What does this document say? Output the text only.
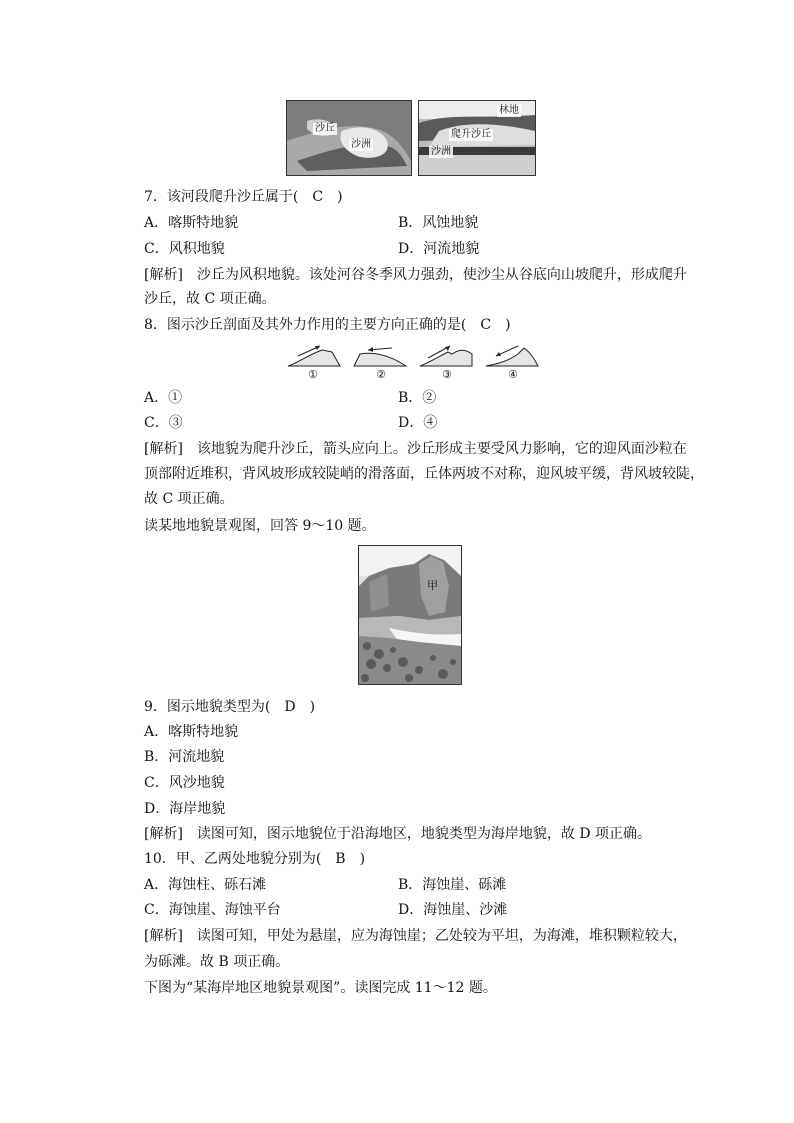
沙丘
沙洲
林地
爬升沙丘
沙洲
7．该河段爬升沙丘属于(　C　)
A．喀斯特地貌	B．风蚀地貌
C．风积地貌	D．河流地貌
[解析]　沙丘为风积地貌。该处河谷冬季风力强劲，使沙尘从谷底向山坡爬升，形成爬升
沙丘，故 C 项正确。
8．图示沙丘剖面及其外力作用的主要方向正确的是(　C　)
①	②	③	④
A．①	B．②
C．③	D．④
[解析]　该地貌为爬升沙丘，箭头应向上。沙丘形成主要受风力影响，它的迎风面沙粒在
顶部附近堆积，背风坡形成较陡峭的滑落面，丘体两坡不对称，迎风坡平缓，背风坡较陡，
故 C 项正确。
读某地地貌景观图，回答 9～10 题。
甲
9．图示地貌类型为(　D　)
A．喀斯特地貌
B．河流地貌
C．风沙地貌
D．海岸地貌
[解析]　读图可知，图示地貌位于沿海地区，地貌类型为海岸地貌，故 D 项正确。
10．甲、乙两处地貌分别为(　B　)
A．海蚀柱、砾石滩	B．海蚀崖、砾滩
C．海蚀崖、海蚀平台	D．海蚀崖、沙滩
[解析]　读图可知，甲处为悬崖，应为海蚀崖；乙处较为平坦，为海滩，堆积颗粒较大，
为砾滩。故 B 项正确。
下图为“某海岸地区地貌景观图”。读图完成 11～12 题。
